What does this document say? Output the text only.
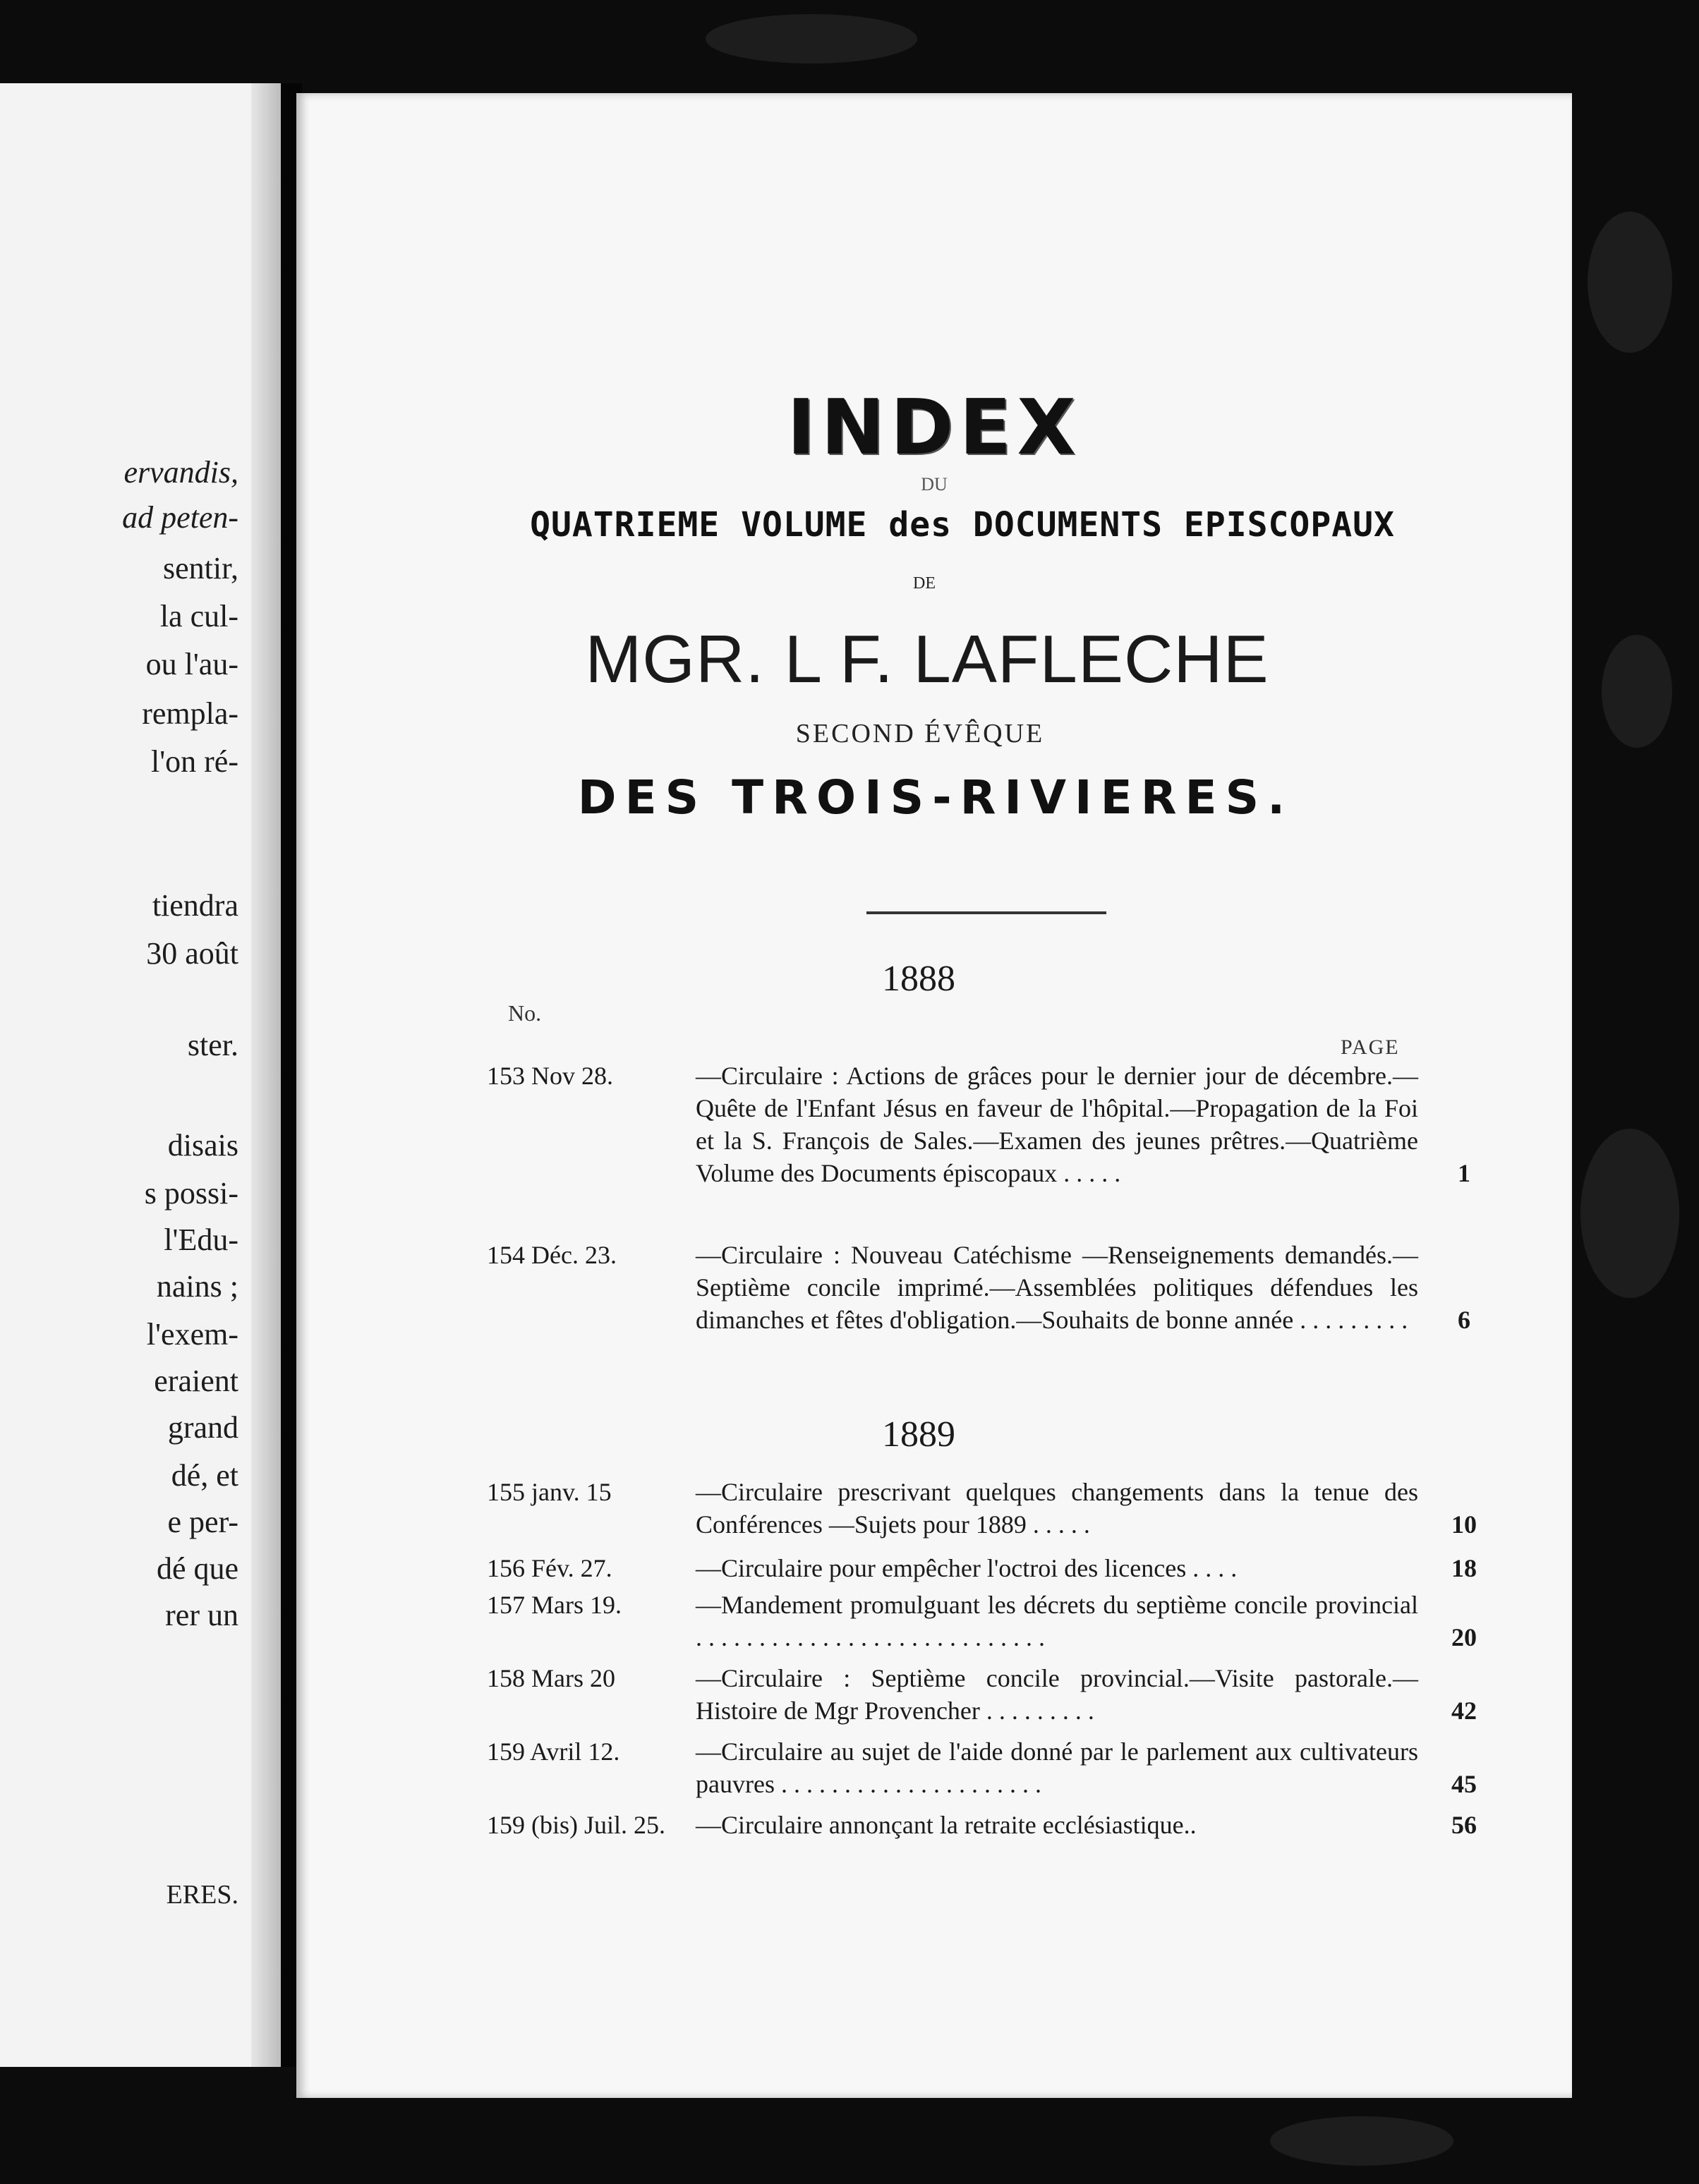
ervandis,
ad peten-
sentir,
la cul-
ou l'au-
rempla-
l'on ré-
tiendra
30 août
ster.
disais
s possi-
l'Edu-
nains ;
l'exem-
eraient
grand
dé, et
e per-
dé que
rer un
ERES.
INDEX
DU
QUATRIEME VOLUME des DOCUMENTS EPISCOPAUX
DE
MGR. L F. LAFLECHE
SECOND ÉVÊQUE
DES TROIS-RIVIERES.
1888
No.
PAGE
153 Nov 28.	—Circulaire : Actions de grâces pour le dernier jour de décembre.—Quête de l'Enfant Jésus en faveur de l'hôpital.—Propagation de la Foi et la S. François de Sales.—Examen des jeunes prêtres.—Quatrième Volume des Documents épiscopaux . . . . .	1
154 Déc. 23.	—Circulaire : Nouveau Catéchisme —Renseignements demandés.—Septième concile imprimé.—Assemblées politiques défendues les dimanches et fêtes d'obligation.—Souhaits de bonne année . . . . . . . . .	6
1889
155 janv. 15	—Circulaire prescrivant quelques changements dans la tenue des Conférences —Sujets pour 1889 . . . . .	10
156 Fév. 27.	—Circulaire pour empêcher l'octroi des licences . . . .	18
157 Mars 19.	—Mandement promulguant les décrets du septième concile provincial . . . . . . . . . . . . . . . . . . . . . . . . . . . .	20
158 Mars 20	—Circulaire : Septième concile provincial.—Visite pastorale.—Histoire de Mgr Provencher . . . . . . . . .	42
159 Avril 12.	—Circulaire au sujet de l'aide donné par le parlement aux cultivateurs pauvres . . . . . . . . . . . . . . . . . . . . .	45
159 (bis) Juil. 25.	—Circulaire annonçant la retraite ecclésiastique..	56
